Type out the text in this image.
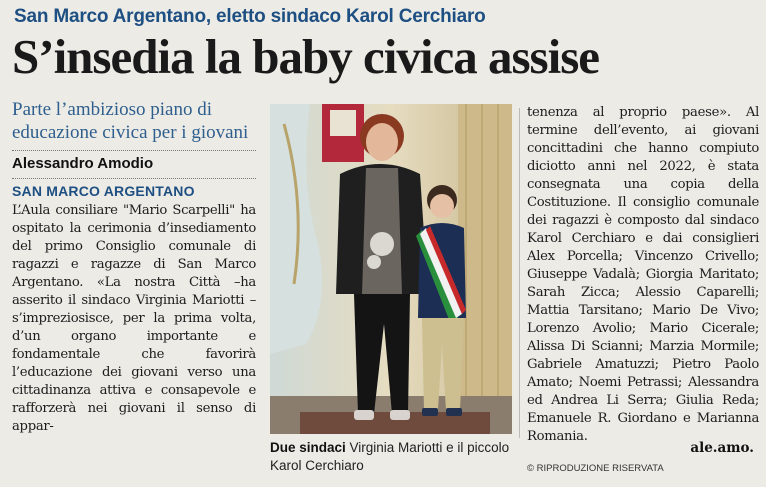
San Marco Argentano, eletto sindaco Karol Cerchiaro
S’insedia la baby civica assise
Parte l’ambizioso piano di educazione civica per i giovani
Alessandro Amodio
SAN MARCO ARGENTANO
L’Aula consiliare "Mario Scarpelli" ha ospitato la cerimonia d’insediamento del primo Consiglio comunale di ragazzi e ragazze di San Marco Argentano. «La nostra Città –ha asserito il sindaco Virginia Mariotti – s’impreziosisce, per la prima volta, d’un organo importante e fondamentale che favorirà l’educazione dei giovani verso una cittadinanza attiva e consapevole e rafforzerà nei giovani il senso di appar-
Due sindaci Virginia Mariotti e il piccolo Karol Cerchiaro
tenenza al proprio paese». Al termine dell’evento, ai giovani concittadini che hanno compiuto diciotto anni nel 2022, è stata consegnata una copia della Costituzione. Il consiglio comunale dei ragazzi è composto dal sindaco Karol Cerchiaro e dai consiglieri Alex Porcella; Vincenzo Crivello; Giuseppe Vadalà; Giorgia Maritato; Sarah Zicca; Alessio Caparelli; Mattia Tarsitano; Mario De Vivo; Lorenzo Avolio; Mario Cicerale; Alissa Di Scianni; Marzia Mormile; Gabriele Amatuzzi; Pietro Paolo Amato; Noemi Petrassi; Alessandra ed Andrea Li Serra; Giulia Reda; Emanuele R. Giordano e Marianna Romania.
ale.amo.
© RIPRODUZIONE RISERVATA
